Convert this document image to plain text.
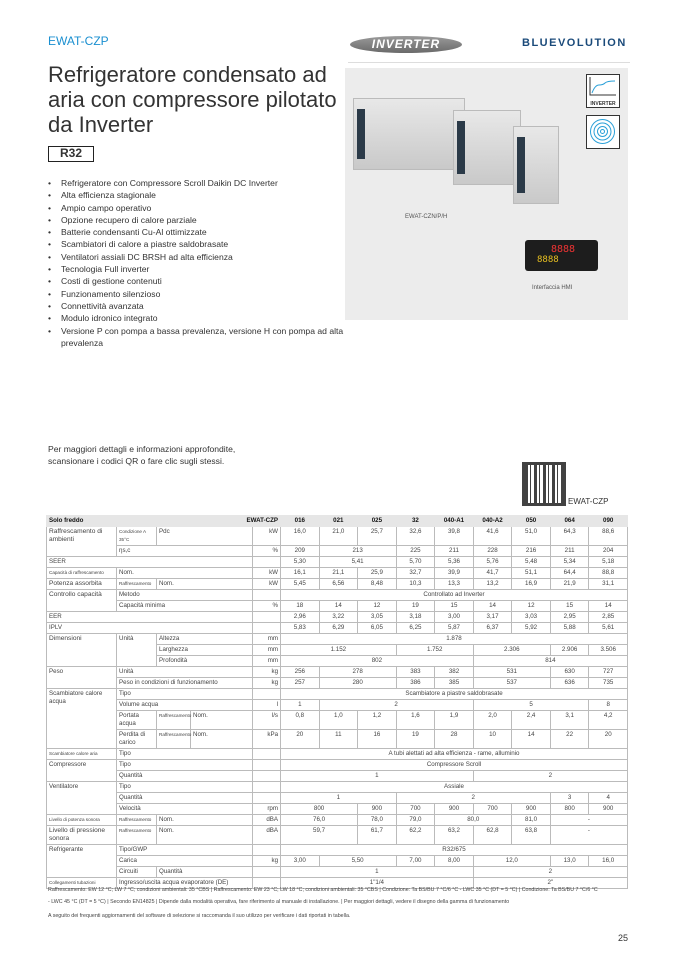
EWAT-CZP	INVERTER	BLUEVOLUTION
Refrigeratore condensato ad aria con compressore pilotato da Inverter
R32
• Refrigeratore con Compressore Scroll Daikin DC Inverter
• Alta efficienza stagionale
• Ampio campo operativo
• Opzione recupero di calore parziale
• Batterie condensanti Cu-Al ottimizzate
• Scambiatori di calore a piastre saldobrasate
• Ventilatori assiali DC BRSH ad alta efficienza
• Tecnologia Full inverter
• Costi di gestione contenuti
• Funzionamento silenzioso
• Connettività avanzata
• Modulo idronico integrato
• Versione P con pompa a bassa prevalenza, versione H con pompa ad alta prevalenza
INVERTER
EWAT-CZN/P/H
Interfaccia HMI
8888
8888

Per maggiori dettagli e informazioni approfondite, scansionare i codici QR o fare clic sugli stessi.

EWAT-CZP
Solo freddo			EWAT-CZP		016	021	025	32	040-A1	040-A2	050	064	090
Raffrescamento di ambienti	Condizione A 35°C	Pdc		kW	16,0	21,0	25,7	32,6	39,8	41,6	51,0	64,3	88,6
	ηs,c			%	209	213		225	211	228	216	211	204
SEER					5,30	5,41		5,70	5,36	5,76	5,48	5,34	5,18
Capacità di raffrescamento	Nom.			kW	16,1	21,1	25,9	32,7	39,9	41,7	51,1	64,4	88,8
Potenza assorbita	Raffrescamento	Nom.		kW	5,45	6,56	8,48	10,3	13,3	13,2	16,9	21,9	31,1
Controllo capacità	Metodo				Controllato ad Inverter								
	Capacità minima			%	18	14	12	19	15	14	12	15	14
EER					2,96	3,22	3,05	3,18	3,00	3,17	3,03	2,95	2,85
IPLV					5,83	6,29	6,05	6,25	5,87	6,37	5,92	5,88	5,61
Dimensioni	Unità	Altezza		mm	1.878								
		Larghezza		mm	1.152			1.752		2.306		2.906	3.506
		Profondità		mm	802					814			
Peso	Unità			kg	256	278		383	382	531		630	727
	Peso in condizioni di funzionamento			kg	257	280		386	385	537		636	735
Scambiatore calore acqua	Tipo				Scambiatore a piastre saldobrasate								
	Volume acqua			l	1	2				5			8
	Portata acqua	Raffrescamento	Nom.	l/s	0,8	1,0	1,2	1,6	1,9	2,0	2,4	3,1	4,2
	Perdita di carico	Raffrescamento	Nom.	kPa	20	11	16	19	28	10	14	22	20
Scambiatore calore aria	Tipo				A tubi alettati ad alta efficienza - rame, alluminio								
Compressore	Tipo				Compressore Scroll								
	Quantità				1					2			
Ventilatore	Tipo				Assiale								
	Quantità				1			2				3	4
	Velocità			rpm	800		900	700	900	700	900	800	900
Livello di potenza sonora	Raffrescamento	Nom.		dBA	76,0		78,0	79,0	80,0		81,0	-	
Livello di pressione sonora	Raffrescamento	Nom.		dBA	59,7		61,7	62,2	63,2	62,8	63,8	-	
Refrigerante	Tipo/GWP				R32/675								
	Carica			kg	3,00	5,50		7,00	8,00	12,0		13,0	16,0
	Circuiti	Quantità			1					2			
Collegamenti tubazioni	Ingresso/uscita acqua evaporatore (DE)				1"1/4					2"			
Raffrescamento: EW 12 °C; LW 7 °C; condizioni ambientali: 35 °CBS | Raffrescamento: EW 23 °C; LW 18 °C; condizioni ambientali: 35 °CBS | Condizione: Ta BS/BU 7 °C/6 °C - LWC 35 °C (DT = 5 °C) | Condizione: Ta BS/BU 7 °C/6 °C
- LWC 45 °C (DT = 5 °C) | Secondo EN14825 | Dipende dalla modalità operativa, fare riferimento al manuale di installazione. | Per maggiori dettagli, vedere il disegno della gamma di funzionamento
A seguito dei frequenti aggiornamenti del software di selezione si raccomanda il suo utilizzo per verificare i dati riportati in tabella.
25
